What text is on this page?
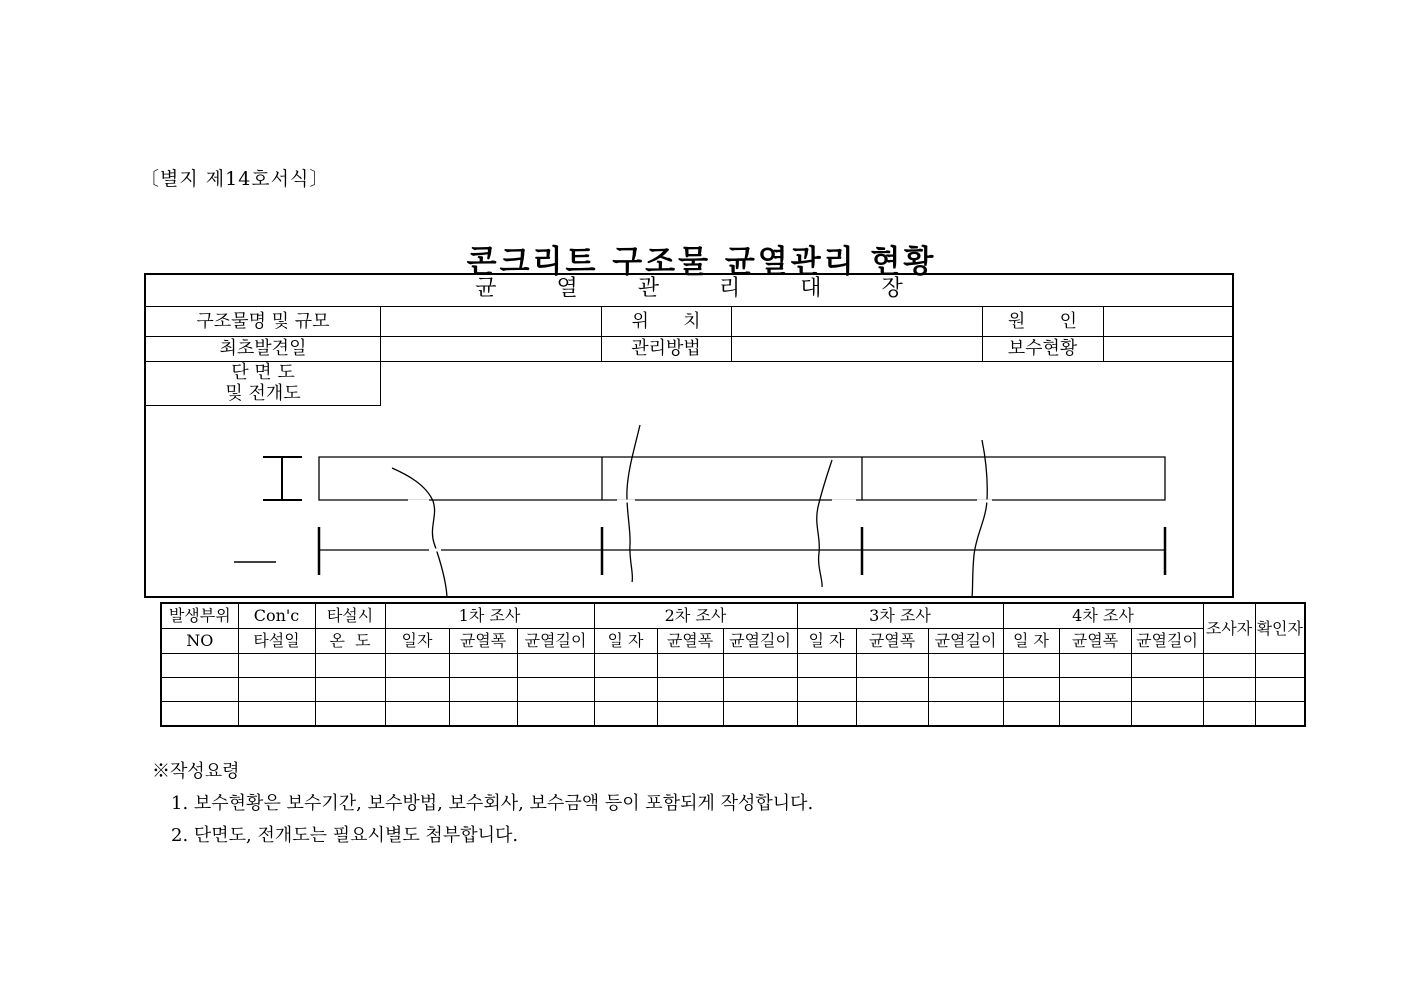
〔별지 제14호서식〕
콘크리트 구조물 균열관리 현황
균	열	관	리	대	장
구조물명 및 규모	위      치	원      인
최초발견일	관리방법	보수현황
단 면 도
및 전개도
발생부위	Con'c	타설시	1차 조사			2차 조사			3차 조사			4차 조사			조사자	확인자
NO	타설일	온  도	일자	균열폭	균열길이	일 자	균열폭	균열길이	일 자	균열폭	균열길이	일 자	균열폭	균열길이		

※작성요령
1. 보수현황은 보수기간, 보수방법, 보수회사, 보수금액 등이 포함되게 작성합니다.
2. 단면도, 전개도는 필요시별도 첨부합니다.
